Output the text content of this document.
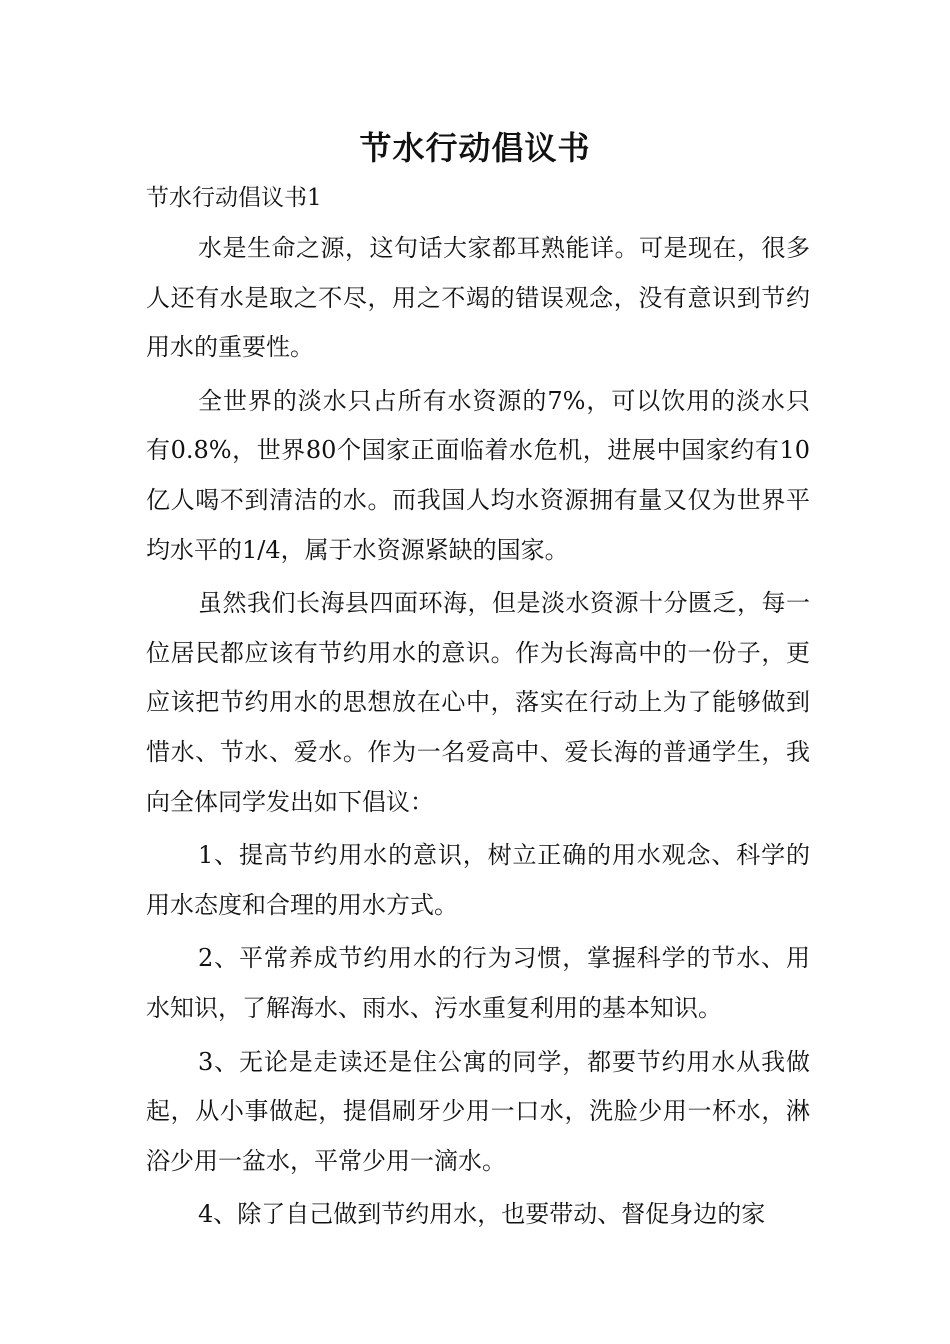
节水行动倡议书

节水行动倡议书1

水是生命之源，这句话大家都耳熟能详。可是现在，很多人还有水是取之不尽，用之不竭的错误观念，没有意识到节约用水的重要性。

全世界的淡水只占所有水资源的7%，可以饮用的淡水只有0.8%，世界80个国家正面临着水危机，进展中国家约有10亿人喝不到清洁的水。而我国人均水资源拥有量又仅为世界平均水平的1/4，属于水资源紧缺的国家。

虽然我们长海县四面环海，但是淡水资源十分匮乏，每一位居民都应该有节约用水的意识。作为长海高中的一份子，更应该把节约用水的思想放在心中，落实在行动上为了能够做到惜水、节水、爱水。作为一名爱高中、爱长海的普通学生，我向全体同学发出如下倡议：

1、提高节约用水的意识，树立正确的用水观念、科学的用水态度和合理的用水方式。

2、平常养成节约用水的行为习惯，掌握科学的节水、用水知识，了解海水、雨水、污水重复利用的基本知识。

3、无论是走读还是住公寓的同学，都要节约用水从我做起，从小事做起，提倡刷牙少用一口水，洗脸少用一杯水，淋浴少用一盆水，平常少用一滴水。

4、除了自己做到节约用水，也要带动、督促身边的家
